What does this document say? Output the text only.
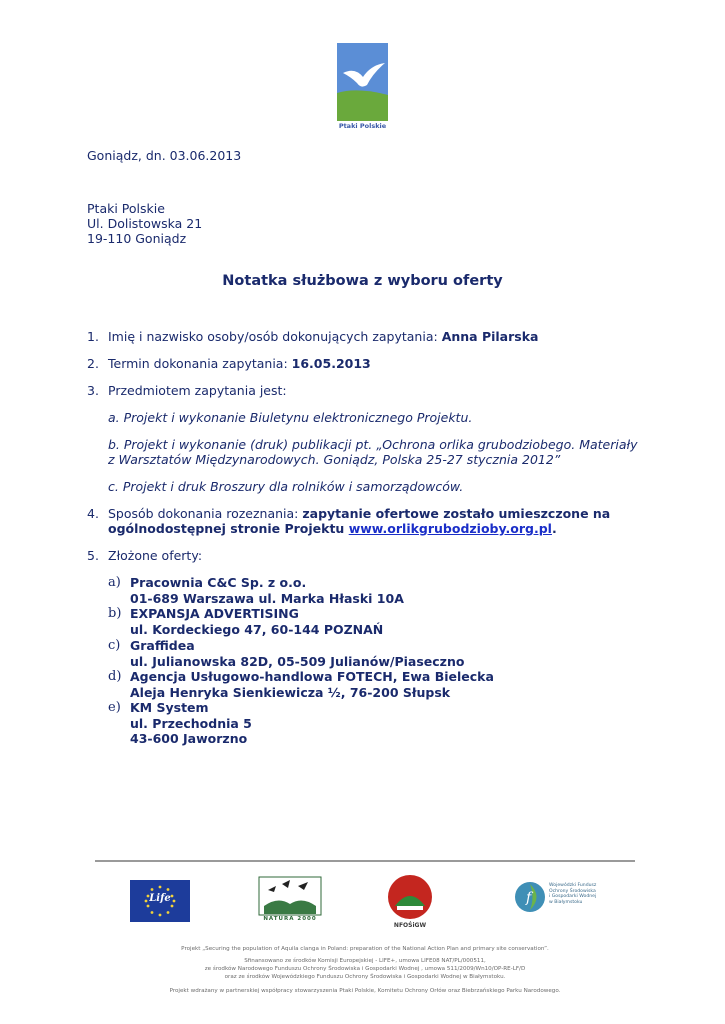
Ptaki Polskie
Goniądz, dn. 03.06.2013
Ptaki Polskie
Ul. Dolistowska 21
19-110 Goniądz
Notatka służbowa z wyboru oferty
1. Imię i nazwisko osoby/osób dokonujących zapytania: Anna Pilarska
2. Termin dokonania zapytania: 16.05.2013
3. Przedmiotem zapytania jest:
a. Projekt i wykonanie Biuletynu elektronicznego Projektu.
b. Projekt i wykonanie (druk) publikacji pt. „Ochrona orlika grubodziobego. Materiały
z Warsztatów Międzynarodowych. Goniądz, Polska 25-27 stycznia 2012”
c. Projekt i druk Broszury dla rolników i samorządowców.
4. Sposób dokonania rozeznania: zapytanie ofertowe zostało umieszczone na
ogólnodostępnej stronie Projektu www.orlikgrubodzioby.org.pl.
5. Złożone oferty:
a) Pracownia C&C Sp. z o.o.
01-689 Warszawa ul. Marka Hłaski 10A
b) EXPANSJA ADVERTISING
ul. Kordeckiego 47, 60-144 POZNAŃ
c) Graffidea
ul. Julianowska 82D, 05-509 Julianów/Piaseczno
d) Agencja Usługowo-handlowa FOTECH, Ewa Bielecka
Aleja Henryka Sienkiewicza ½, 76-200 Słupsk
e) KM System
ul. Przechodnia 5
43-600 Jaworzno
Life
NATURA 2000
NFOŚiGW
f
Wojewódzki Fundusz
Ochrony Środowiska
i Gospodarki Wodnej
w Białymstoku
Projekt „Securing the population of Aquila clanga in Poland: preparation of the National Action Plan and primary site conservation”.
Sfinansowano ze środków Komisji Europejskiej - LIFE+, umowa LIFE08 NAT/PL/000511,
ze środków Narodowego Funduszu Ochrony Środowiska i Gospodarki Wodnej , umowa 511/2009/Wn10/OP-RE-LF/D
oraz ze środków Wojewódzkiego Funduszu Ochrony Środowiska i Gospodarki Wodnej w Białymstoku.
Projekt wdrażany w partnerskiej współpracy stowarzyszenia Ptaki Polskie, Komitetu Ochrony Orłów oraz Biebrzańskiego Parku Narodowego.
